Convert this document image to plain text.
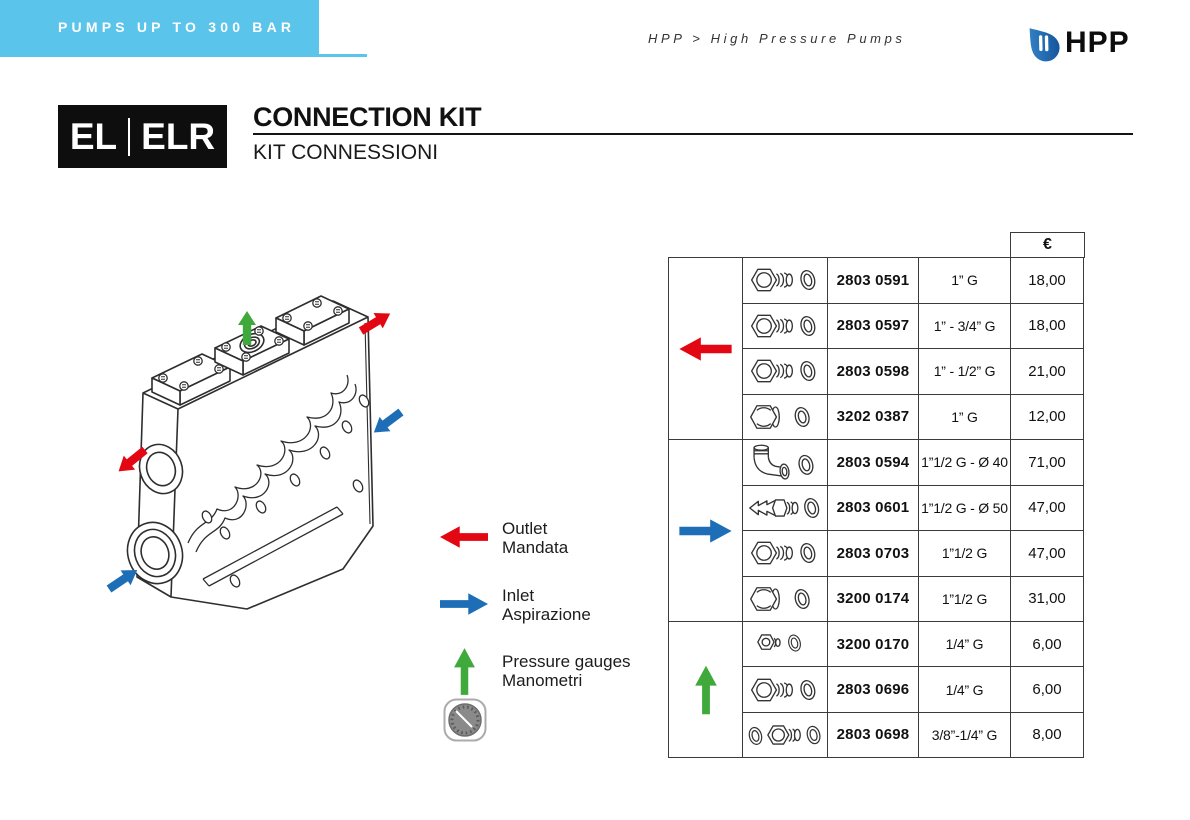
PUMPS UP TO 300 BAR
HPP > High Pressure Pumps	HPP
EL ELR CONNECTION KIT
KIT CONNESSIONI
Outlet
Mandata
Inlet
Aspirazione
Pressure gauges
Manometri
€
2803 0591	1” G	18,00
2803 0597 1” - 3/4” G 18,00
2803 0598 1” - 1/2” G 21,00
3202 0387	1” G	12,00
2803 0594 1”1/2 G - Ø 40 71,00
2803 0601 1”1/2 G - Ø 50 47,00
2803 0703 1”1/2 G	47,00
3200 0174 1”1/2 G	31,00
3200 0170	1/4” G	6,00
2803 0696	1/4” G	6,00
2803 0698 3/8”-1/4” G 8,00
